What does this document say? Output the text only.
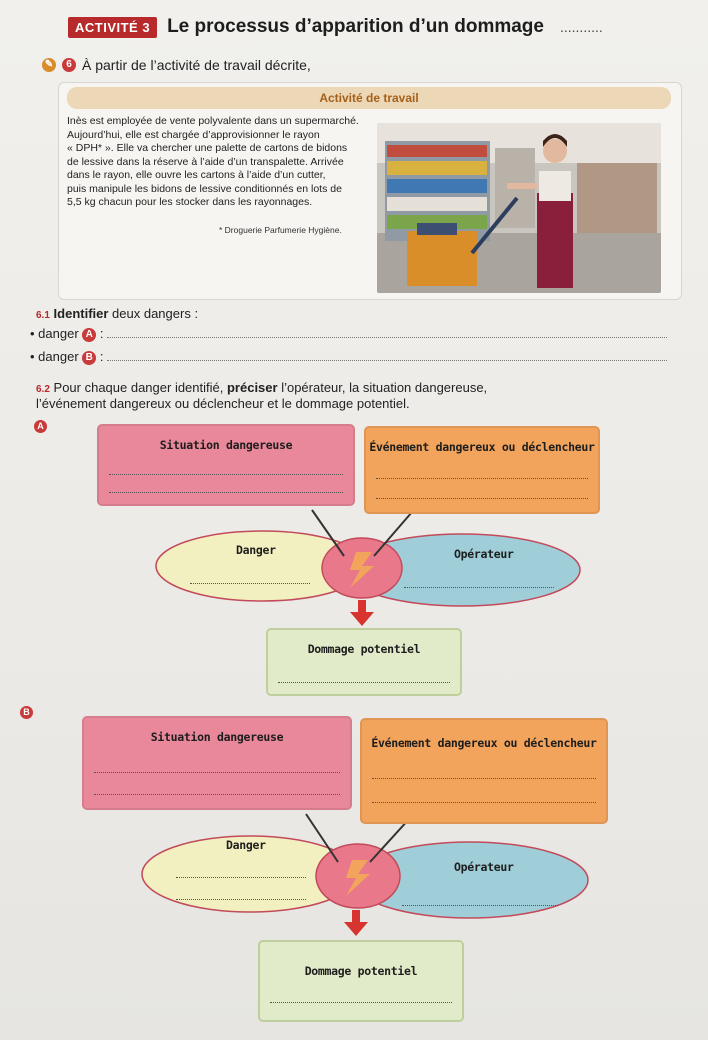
ACTIVITÉ 3 Le processus d’apparition d’un dommage ...........
✎	6 À partir de l’activité de travail décrite,
Activité de travail
Inès est employée de vente polyvalente dans un supermarché.
Aujourd’hui, elle est chargée d’approvisionner le rayon
« DPH* ». Elle va chercher une palette de cartons de bidons
de lessive dans la réserve à l’aide d’un transpalette. Arrivée
dans le rayon, elle ouvre les cartons à l’aide d’un cutter,
puis manipule les bidons de lessive conditionnés en lots de
5,5 kg chacun pour les stocker dans les rayonnages.
* Droguerie Parfumerie Hygiène.
6.1 Identifier deux dangers :
• danger A :
• danger B :
6.2 Pour chaque danger identifié, préciser l’opérateur, la situation dangereuse,
l’événement dangereux ou déclencheur et le dommage potentiel.
A
Situation dangereuse	Événement dangereux ou déclencheur
Danger	Opérateur
Dommage potentiel
B
Situation dangereuse	Événement dangereux ou déclencheur
Danger
Opérateur
Dommage potentiel
